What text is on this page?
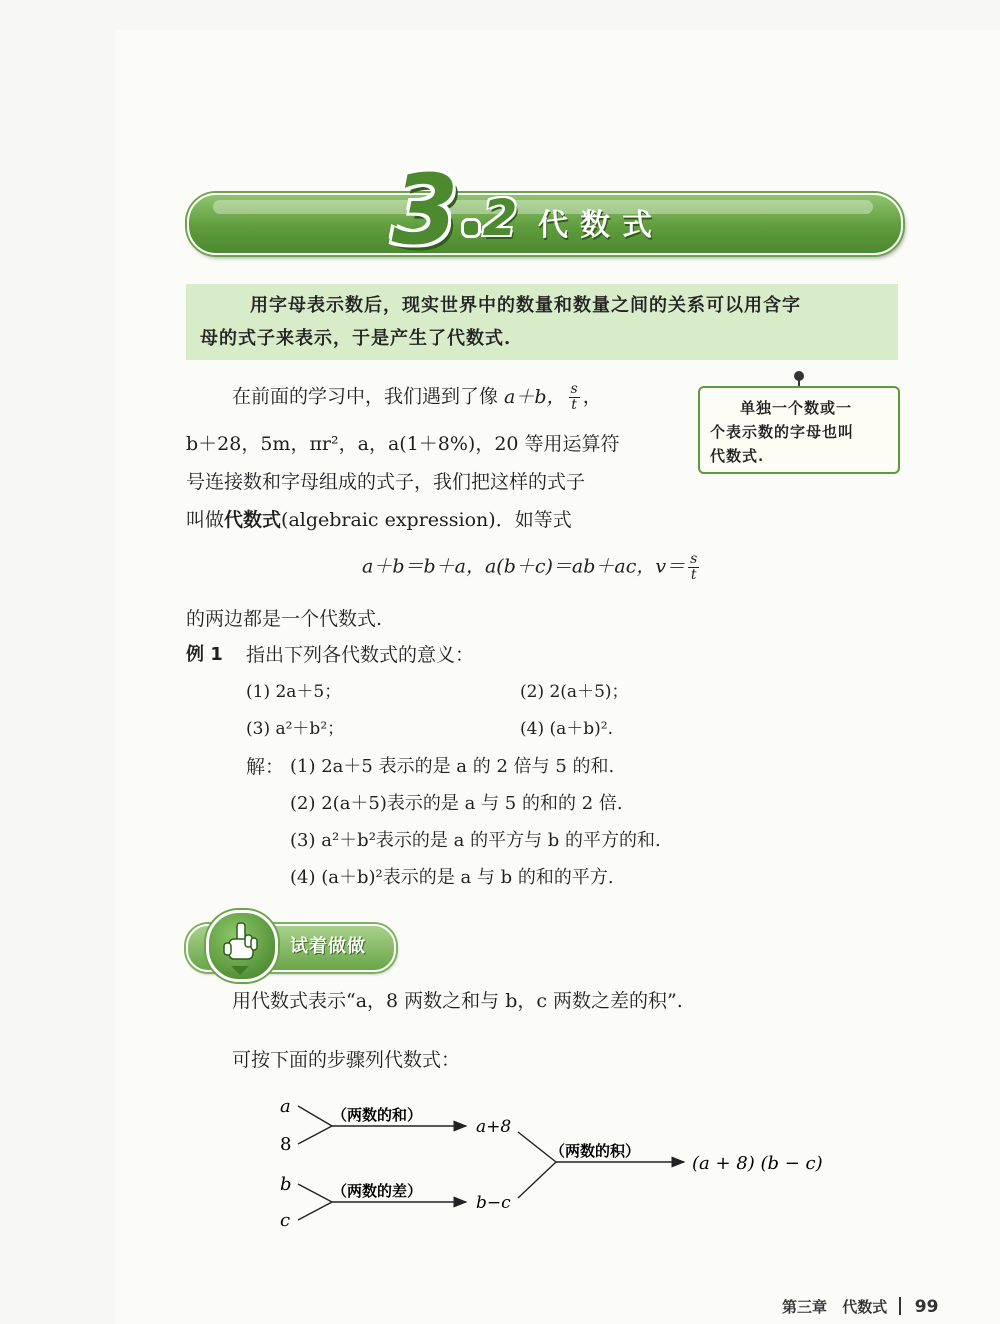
3 2 代数式
用字母表示数后，现实世界中的数量和数量之间的关系可以用含字
母的式子来表示，于是产生了代数式.
单独一个数或一
个表示数的字母也叫
代数式.
在前面的学习中，我们遇到了像 a＋b， $\frac{s}{t}$ ，
b＋28，5m，πr²，a，a(1＋8%)，20 等用运算符
号连接数和字母组成的式子，我们把这样的式子
叫做代数式(algebraic expression)．如等式
a＋b＝b＋a，a(b＋c)＝ab＋ac，$v= \frac{s}{t}$
的两边都是一个代数式.
例 1 指出下列各代数式的意义：
(1) 2a＋5；	(2) 2(a＋5)；
(3) a²＋b²；	(4) (a＋b)².
解： (1) 2a＋5 表示的是 a 的 2 倍与 5 的和.
(2) 2(a＋5)表示的是 a 与 5 的和的 2 倍.
(3) a²＋b²表示的是 a 的平方与 b 的平方的和.
(4) (a＋b)²表示的是 a 与 b 的和的平方.
试着做做
用代数式表示“a，8 两数之和与 b，c 两数之差的积”.
可按下面的步骤列代数式：
a
8
b
c
（两数的和）
（两数的差）
（两数的积）
a+8
b−c
(a + 8) (b − c)
第三章 代数式 99
